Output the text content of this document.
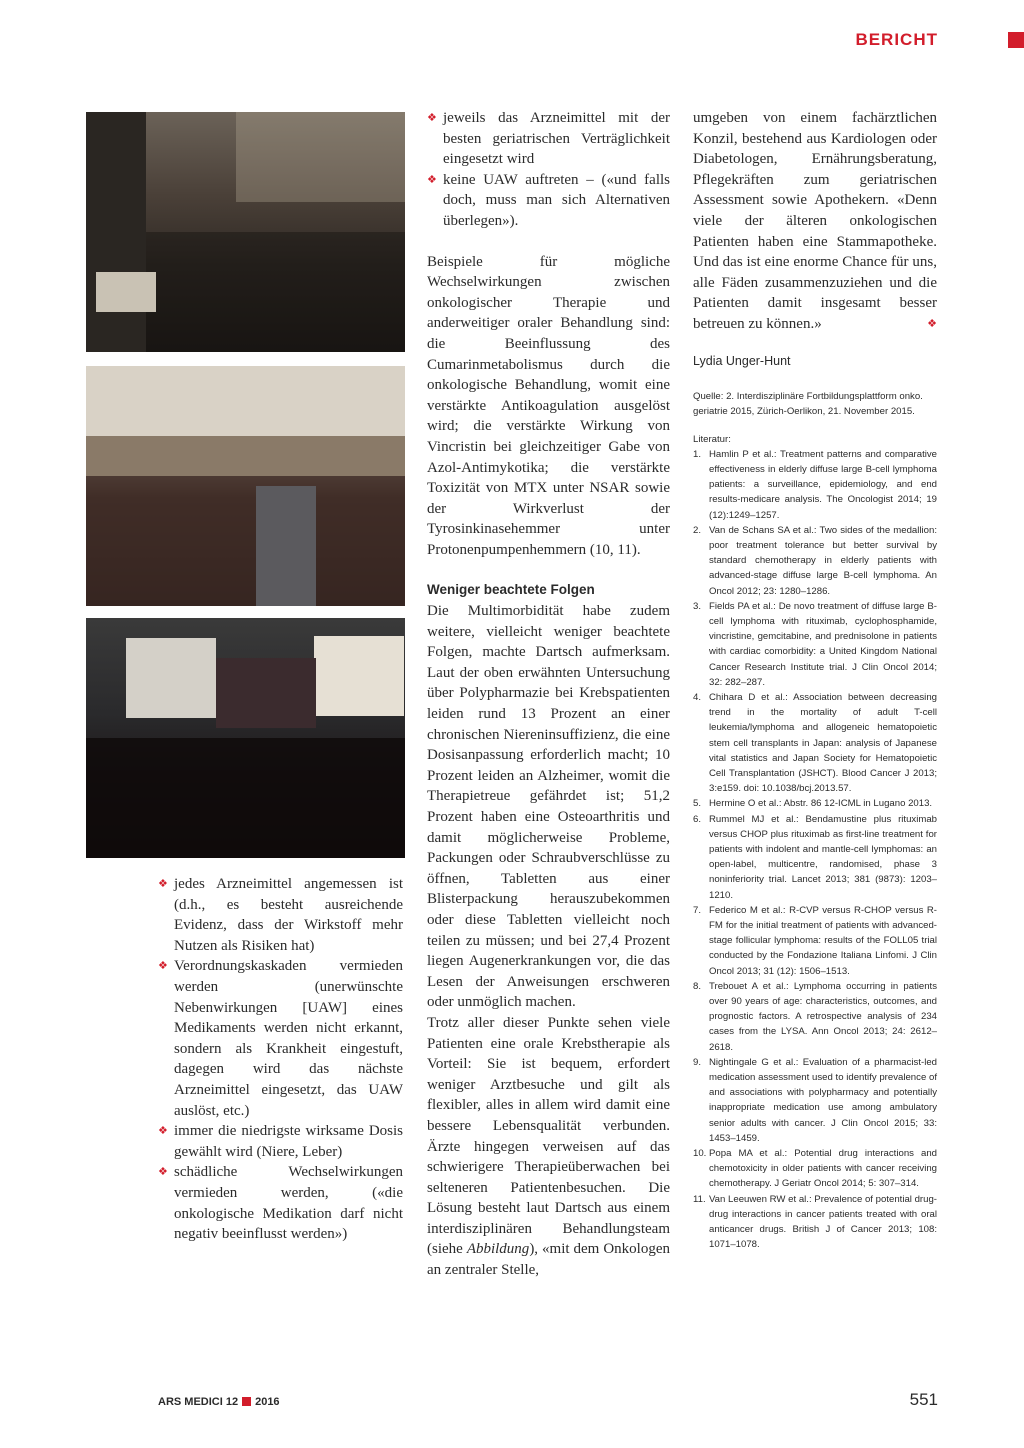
BERICHT
❖ jedes Arzneimittel angemessen ist (d.h., es besteht ausreichende Evidenz, dass der Wirkstoff mehr Nutzen als Risiken hat)
❖ Verordnungskaskaden vermieden werden (unerwünschte Nebenwirkungen [UAW] eines Medikaments werden nicht erkannt, sondern als Krankheit eingestuft, dagegen wird das nächste Arzneimittel eingesetzt, das UAW auslöst, etc.)
❖ immer die niedrigste wirksame Dosis gewählt wird (Niere, Leber)
❖ schädliche Wechselwirkungen vermieden werden, («die onkologische Medikation darf nicht negativ beeinflusst werden»)
❖ jeweils das Arzneimittel mit der besten geriatrischen Verträglichkeit eingesetzt wird
❖ keine UAW auftreten – («und falls doch, muss man sich Alternativen überlegen»).

Beispiele für mögliche Wechselwirkungen zwischen onkologischer Therapie und anderweitiger oraler Behandlung sind: die Beeinflussung des Cumarinmetabolismus durch die onkologische Behandlung, womit eine verstärkte Antikoagulation ausgelöst wird; die verstärkte Wirkung von Vincristin bei gleichzeitiger Gabe von Azol-Antimykotika; die verstärkte Toxizität von MTX unter NSAR sowie der Wirkverlust der Tyrosinkinasehemmer unter Protonenpumpenhemmern (10, 11).

Weniger beachtete Folgen

Die Multimorbidität habe zudem weitere, vielleicht weniger beachtete Folgen, machte Dartsch aufmerksam. Laut der oben erwähnten Untersuchung über Polypharmazie bei Krebspatienten leiden rund 13 Prozent an einer chronischen Niereninsuffizienz, die eine Dosisanpassung erforderlich macht; 10 Prozent leiden an Alzheimer, womit die Therapietreue gefährdet ist; 51,2 Prozent haben eine Osteoarthritis und damit möglicherweise Probleme, Packungen oder Schraubverschlüsse zu öffnen, Tabletten aus einer Blisterpackung herauszubekommen oder diese Tabletten vielleicht noch teilen zu müssen; und bei 27,4 Prozent liegen Augenerkrankungen vor, die das Lesen der Anweisungen erschweren oder unmöglich machen.

Trotz aller dieser Punkte sehen viele Patienten eine orale Krebstherapie als Vorteil: Sie ist bequem, erfordert weniger Arztbesuche und gilt als flexibler, alles in allem wird damit eine bessere Lebensqualität verbunden. Ärzte hingegen verweisen auf das schwierigere Therapieüberwachen bei selteneren Patientenbesuchen. Die Lösung besteht laut Dartsch aus einem interdisziplinären Behandlungsteam (siehe Abbildung), «mit dem Onkologen an zentraler Stelle,

umgeben von einem fachärztlichen Konzil, bestehend aus Kardiologen oder Diabetologen, Ernährungsberatung, Pflegekräften zum geriatrischen Assessment sowie Apothekern. «Denn viele der älteren onkologischen Patienten haben eine Stammapotheke. Und das ist eine enorme Chance für uns, alle Fäden zusammenzuziehen und die Patienten damit insgesamt besser betreuen zu können.»	❖

Lydia Unger-Hunt
Quelle: 2. Interdisziplinäre Fortbildungsplattform onko. geriatrie 2015, Zürich-Oerlikon, 21. November 2015.
Literatur:
1. Hamlin P et al.: Treatment patterns and comparative effectiveness in elderly diffuse large B-cell lymphoma patients: a surveillance, epidemiology, and end results-medicare analysis. The Oncologist 2014; 19 (12):1249–1257.
2. Van de Schans SA et al.: Two sides of the medallion: poor treatment tolerance but better survival by standard chemotherapy in elderly patients with advanced-stage diffuse large B-cell lymphoma. An Oncol 2012; 23: 1280–1286.
3. Fields PA et al.: De novo treatment of diffuse large B-cell lymphoma with rituximab, cyclophosphamide, vincristine, gemcitabine, and prednisolone in patients with cardiac comorbidity: a United Kingdom National Cancer Research Institute trial. J Clin Oncol 2014; 32: 282–287.
4. Chihara D et al.: Association between decreasing trend in the mortality of adult T-cell leukemia/lymphoma and allogeneic hematopoietic stem cell transplants in Japan: analysis of Japanese vital statistics and Japan Society for Hematopoietic Cell Transplantation (JSHCT). Blood Cancer J 2013; 3:e159. doi: 10.1038/bcj.2013.57.
5. Hermine O et al.: Abstr. 86 12-ICML in Lugano 2013.
6. Rummel MJ et al.: Bendamustine plus rituximab versus CHOP plus rituximab as first-line treatment for patients with indolent and mantle-cell lymphomas: an open-label, multicentre, randomised, phase 3 noninferiority trial. Lancet 2013; 381 (9873): 1203–1210.
7. Federico M et al.: R-CVP versus R-CHOP versus R-FM for the initial treatment of patients with advanced-stage follicular lymphoma: results of the FOLL05 trial conducted by the Fondazione Italiana Linfomi. J Clin Oncol 2013; 31 (12): 1506–1513.
8. Trebouet A et al.: Lymphoma occurring in patients over 90 years of age: characteristics, outcomes, and prognostic factors. A retrospective analysis of 234 cases from the LYSA. Ann Oncol 2013; 24: 2612–2618.
9. Nightingale G et al.: Evaluation of a pharmacist-led medication assessment used to identify prevalence of and associations with polypharmacy and potentially inappropriate medication use among ambulatory senior adults with cancer. J Clin Oncol 2015; 33: 1453–1459.
10. Popa MA et al.: Potential drug interactions and chemotoxicity in older patients with cancer receiving chemotherapy. J Geriatr Oncol 2014; 5: 307–314.
11. Van Leeuwen RW et al.: Prevalence of potential drug-drug interactions in cancer patients treated with oral anticancer drugs. British J of Cancer 2013; 108: 1071–1078.
ARS MEDICI 12 2016	551
